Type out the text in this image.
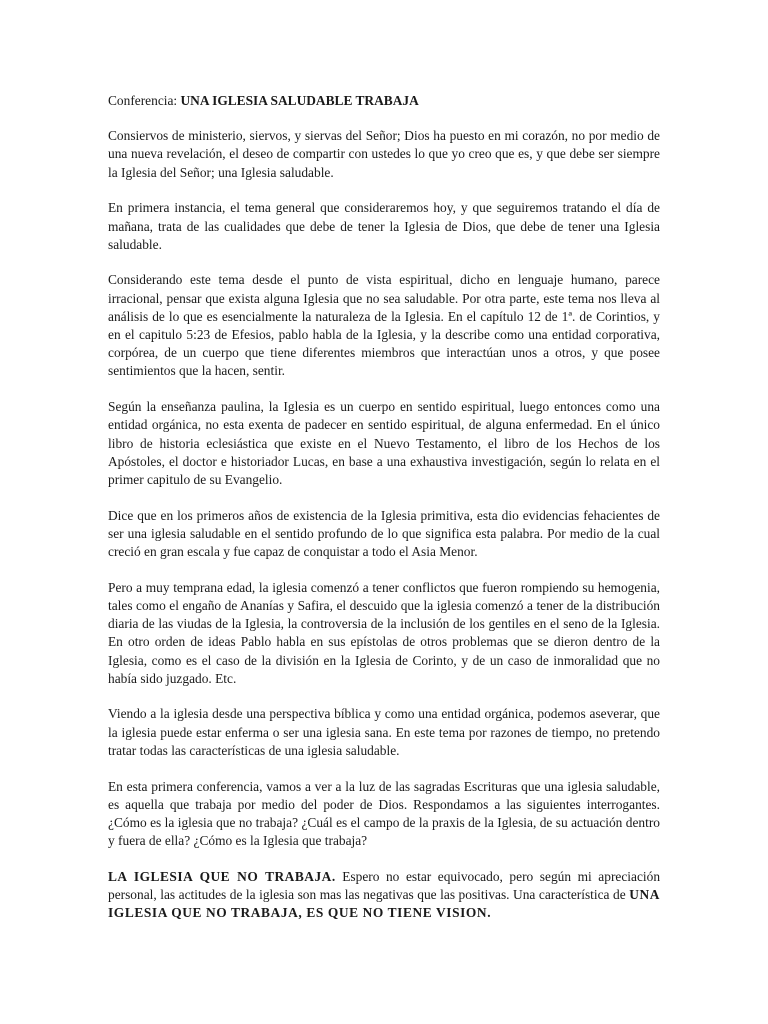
Conferencia: UNA IGLESIA SALUDABLE TRABAJA

Consiervos de ministerio, siervos, y siervas del Señor; Dios ha puesto en mi corazón, no por medio de una nueva revelación, el deseo de compartir con ustedes lo que yo creo que es, y que debe ser siempre la Iglesia del Señor; una Iglesia saludable.

En primera instancia, el tema general que consideraremos hoy, y que seguiremos tratando el día de mañana, trata de las cualidades que debe de tener la Iglesia de Dios, que debe de tener una Iglesia saludable.

Considerando este tema desde el punto de vista espiritual, dicho en lenguaje humano, parece irracional, pensar que exista alguna Iglesia que no sea saludable. Por otra parte, este tema nos lleva al análisis de lo que es esencialmente la naturaleza de la Iglesia. En el capítulo 12 de 1ª. de Corintios, y en el capitulo 5:23 de Efesios, pablo habla de la Iglesia, y la describe como una entidad corporativa, corpórea, de un cuerpo que tiene diferentes miembros que interactúan unos a otros, y que posee sentimientos que la hacen, sentir.

Según la enseñanza paulina, la Iglesia es un cuerpo en sentido espiritual, luego entonces como una entidad orgánica, no esta exenta de padecer en sentido espiritual, de alguna enfermedad. En el único libro de historia eclesiástica que existe en el Nuevo Testamento, el libro de los Hechos de los Apóstoles, el doctor e historiador Lucas, en base a una exhaustiva investigación, según lo relata en el primer capitulo de su Evangelio.

Dice que en los primeros años de existencia de la Iglesia primitiva, esta dio evidencias fehacientes de ser una iglesia saludable en el sentido profundo de lo que significa esta palabra. Por medio de la cual creció en gran escala y fue capaz de conquistar a todo el Asia Menor.

Pero a muy temprana edad, la iglesia comenzó a tener conflictos que fueron rompiendo su hemogenia, tales como el engaño de Ananías y Safira, el descuido que la iglesia comenzó a tener de la distribución diaria de las viudas de la Iglesia, la controversia de la inclusión de los gentiles en el seno de la Iglesia. En otro orden de ideas Pablo habla en sus epístolas de otros problemas que se dieron dentro de la Iglesia, como es el caso de la división en la Iglesia de Corinto, y de un caso de inmoralidad que no había sido juzgado. Etc.

Viendo a la iglesia desde una perspectiva bíblica y como una entidad orgánica, podemos aseverar, que la iglesia puede estar enferma o ser una iglesia sana. En este tema por razones de tiempo, no pretendo tratar todas las características de una iglesia saludable.

En esta primera conferencia, vamos a ver a la luz de las sagradas Escrituras que una iglesia saludable, es aquella que trabaja por medio del poder de Dios. Respondamos a las siguientes interrogantes. ¿Cómo es la iglesia que no trabaja? ¿Cuál es el campo de la praxis de la Iglesia, de su actuación dentro y fuera de ella? ¿Cómo es la Iglesia que trabaja?

LA IGLESIA QUE NO TRABAJA. Espero no estar equivocado, pero según mi apreciación personal, las actitudes de la iglesia son mas las negativas que las positivas. Una característica de UNA IGLESIA QUE NO TRABAJA, ES QUE NO TIENE VISION.
